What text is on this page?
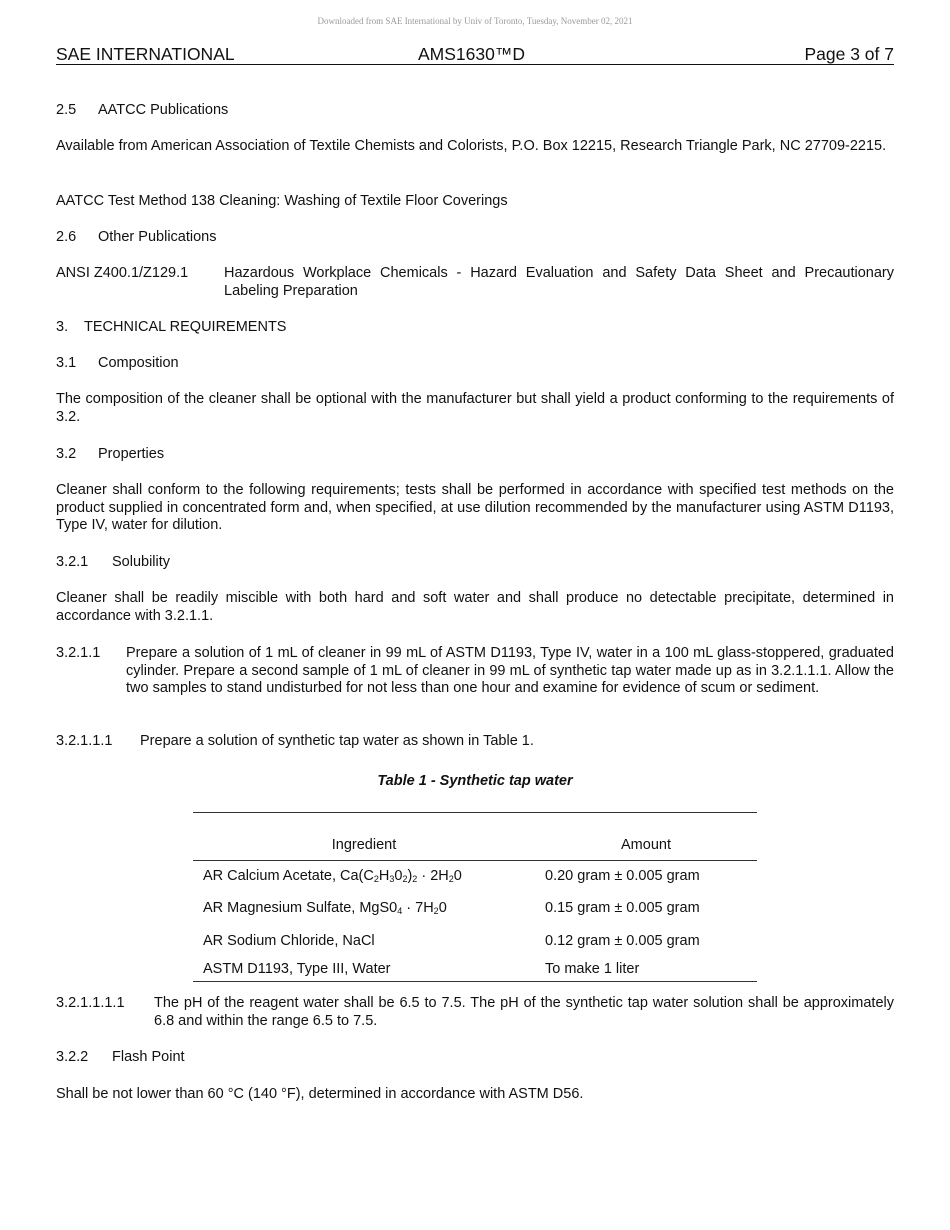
Downloaded from SAE International by Univ of Toronto, Tuesday, November 02, 2021
SAE INTERNATIONAL	AMS1630™D	Page 3 of 7
2.5 AATCC Publications

Available from American Association of Textile Chemists and Colorists, P.O. Box 12215, Research Triangle Park, NC 27709-2215.

AATCC Test Method 138 Cleaning: Washing of Textile Floor Coverings

2.6 Other Publications
ANSI Z400.1/Z129.1 Hazardous Workplace Chemicals - Hazard Evaluation and Safety Data Sheet and Precautionary Labeling Preparation
3. TECHNICAL REQUIREMENTS
3.1 Composition

The composition of the cleaner shall be optional with the manufacturer but shall yield a product conforming to the requirements of 3.2.

3.2 Properties

Cleaner shall conform to the following requirements; tests shall be performed in accordance with specified test methods on the product supplied in concentrated form and, when specified, at use dilution recommended by the manufacturer using ASTM D1193, Type IV, water for dilution.

3.2.1 Solubility

Cleaner shall be readily miscible with both hard and soft water and shall produce no detectable precipitate, determined in accordance with 3.2.1.1.

3.2.1.1 Prepare a solution of 1 mL of cleaner in 99 mL of ASTM D1193, Type IV, water in a 100 mL glass-stoppered, graduated cylinder. Prepare a second sample of 1 mL of cleaner in 99 mL of synthetic tap water made up as in 3.2.1.1.1. Allow the two samples to stand undisturbed for not less than one hour and examine for evidence of scum or sediment.
3.2.1.1.1 Prepare a solution of synthetic tap water as shown in Table 1.
Table 1 - Synthetic tap water
Ingredient	Amount
AR Calcium Acetate, $Ca(C_2H_30_2)_2 \cdot 2H_20$	0.20 gram ± 0.005 gram
AR Magnesium Sulfate, $MgS0_4 \cdot 7H_20$	0.15 gram ± 0.005 gram
AR Sodium Chloride, NaCl	0.12 gram ± 0.005 gram
ASTM D1193, Type III, Water	To make 1 liter
3.2.1.1.1.1 The pH of the reagent water shall be 6.5 to 7.5. The pH of the synthetic tap water solution shall be approximately 6.8 and within the range 6.5 to 7.5.
3.2.2 Flash Point

Shall be not lower than 60 °C (140 °F), determined in accordance with ASTM D56.
